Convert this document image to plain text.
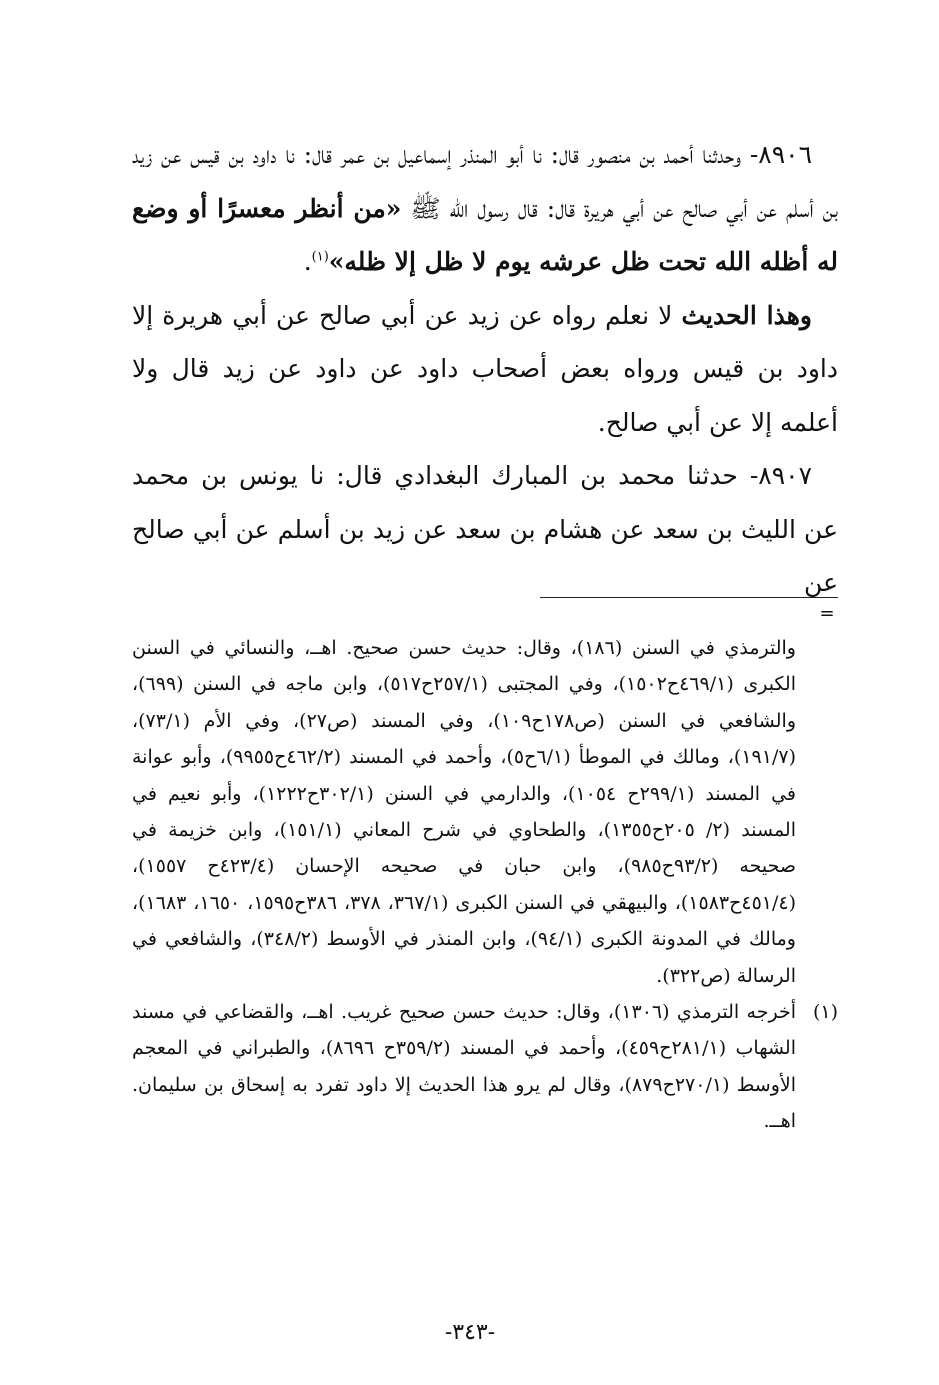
٨٩٠٦- وحدثنا أحمد بن منصور قال: نا أبو المنذر إسماعيل بن عمر قال: نا داود بن قيس عن زيد بن أسلم عن أبي صالح عن أبي هريرة قال: قال رسول الله ﷺ «من أنظر معسرًا أو وضع له أظله الله تحت ظل عرشه يوم لا ظل إلا ظله»$^{(١)}$.

وهذا الحديث لا نعلم رواه عن زيد عن أبي صالح عن أبي هريرة إلا داود بن قيس ورواه بعض أصحاب داود عن داود عن زيد قال ولا أعلمه إلا عن أبي صالح.

٨٩٠٧- حدثنا محمد بن المبارك البغدادي قال: نا يونس بن محمد عن الليث بن سعد عن هشام بن سعد عن زيد بن أسلم عن أبي صالح عن

=

والترمذي في السنن (١٨٦)، وقال: حديث حسن صحيح. اهــ، والنسائي في السنن الكبرى (٤٦٩/١ح١٥٠٢)، وفي المجتبى (٢٥٧/١ح٥١٧)، وابن ماجه في السنن (٦٩٩)، والشافعي في السنن (ص١٧٨ح١٠٩)، وفي المسند (ص٢٧)، وفي الأم (٧٣/١)، (١٩١/٧)، ومالك في الموطأ (٦/١ح٥)، وأحمد في المسند (٤٦٢/٢ح٩٩٥٥)، وأبو عوانة في المسند (٢٩٩/١ح ١٠٥٤)، والدارمي في السنن (٣٠٢/١ح١٢٢٢)، وأبو نعيم في المسند (٢/ ٢٠٥ح١٣٥٥)، والطحاوي في شرح المعاني (١٥١/١)، وابن خزيمة في صحيحه (٩٣/٢ح٩٨٥)، وابن حبان في صحيحه الإحسان (٤٢٣/٤ح ١٥٥٧)، (٤٥١/٤ح١٥٨٣)، والبيهقي في السنن الكبرى (٣٦٧/١، ٣٧٨، ٣٨٦ح١٥٩٥، ١٦٥٠، ١٦٨٣)، ومالك في المدونة الكبرى (٩٤/١)، وابن المنذر في الأوسط (٣٤٨/٢)، والشافعي في الرسالة (ص٣٢٢).

(١)
أخرجه الترمذي (١٣٠٦)، وقال: حديث حسن صحيح غريب. اهــ، والقضاعي في مسند الشهاب (٢٨١/١ح٤٥٩)، وأحمد في المسند (٣٥٩/٢ح ٨٦٩٦)، والطبراني في المعجم الأوسط (٢٧٠/١ح٨٧٩)، وقال لم يرو هذا الحديث إلا داود تفرد به إسحاق بن سليمان. اهــ.

-٣٤٣-
